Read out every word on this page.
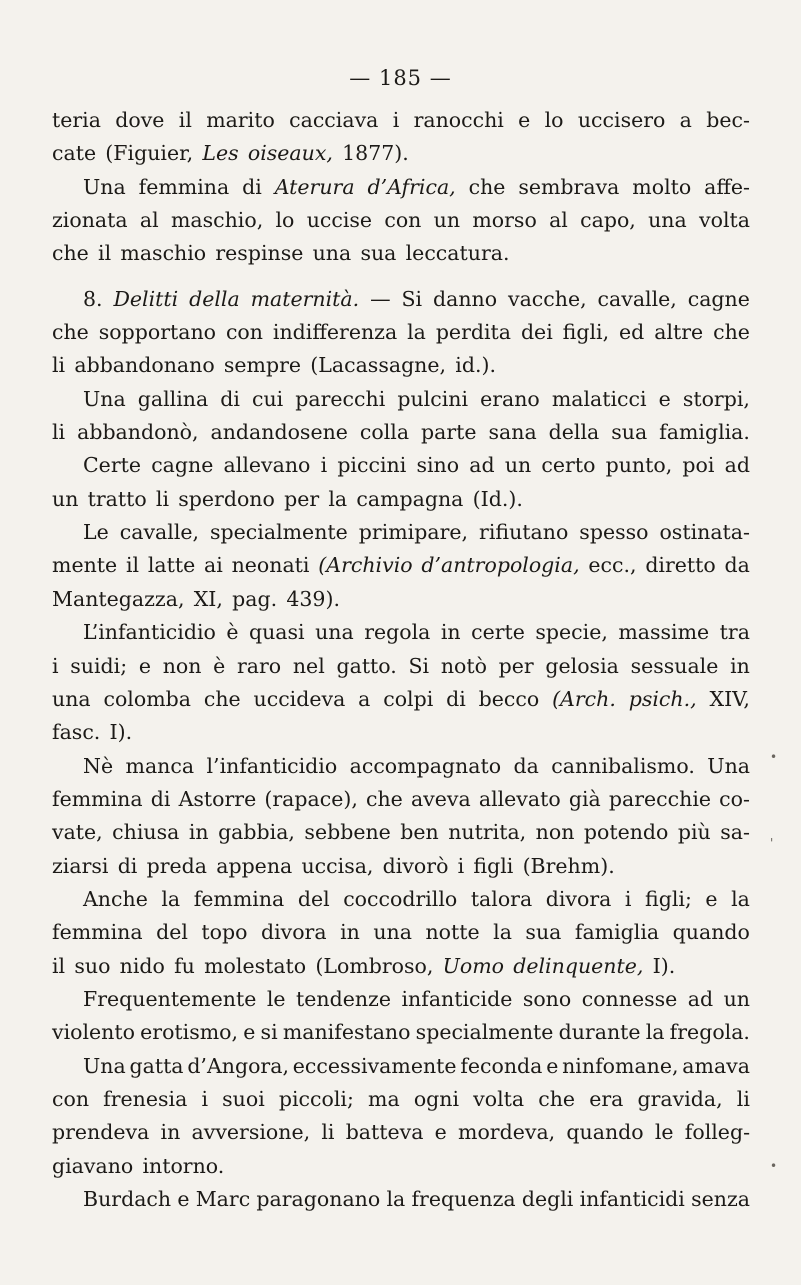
— 185 —
teria dove il marito cacciava i ranocchi e lo uccisero a bec-
cate (Figuier, Les oiseaux, 1877).
Una femmina di Aterura d’Africa, che sembrava molto affe-
zionata al maschio, lo uccise con un morso al capo, una volta
che il maschio respinse una sua leccatura.
8. Delitti della maternità. — Si danno vacche, cavalle, cagne
che sopportano con indifferenza la perdita dei figli, ed altre che
li abbandonano sempre (Lacassagne, id.).
Una gallina di cui parecchi pulcini erano malaticci e storpi,
li abbandonò, andandosene colla parte sana della sua famiglia.
Certe cagne allevano i piccini sino ad un certo punto, poi ad
un tratto li sperdono per la campagna (Id.).
Le cavalle, specialmente primipare, rifiutano spesso ostinata-
mente il latte ai neonati (Archivio d’antropologia, ecc., diretto da
Mantegazza, XI, pag. 439).
L’infanticidio è quasi una regola in certe specie, massime tra
i suidi; e non è raro nel gatto. Si notò per gelosia sessuale in
una colomba che uccideva a colpi di becco (Arch. psich., XIV,
fasc. I).
Nè manca l’infanticidio accompagnato da cannibalismo. Una
femmina di Astorre (rapace), che aveva allevato già parecchie co-
vate, chiusa in gabbia, sebbene ben nutrita, non potendo più sa-
ziarsi di preda appena uccisa, divorò i figli (Brehm).
Anche la femmina del coccodrillo talora divora i figli; e la
femmina del topo divora in una notte la sua famiglia quando
il suo nido fu molestato (Lombroso, Uomo delinquente, I).
Frequentemente le tendenze infanticide sono connesse ad un
violento erotismo, e si manifestano specialmente durante la fregola.
Una gatta d’Angora, eccessivamente feconda e ninfomane, amava
con frenesia i suoi piccoli; ma ogni volta che era gravida, li
prendeva in avversione, li batteva e mordeva, quando le folleg-
giavano intorno.
Burdach e Marc paragonano la frequenza degli infanticidi senza
•
'
•
